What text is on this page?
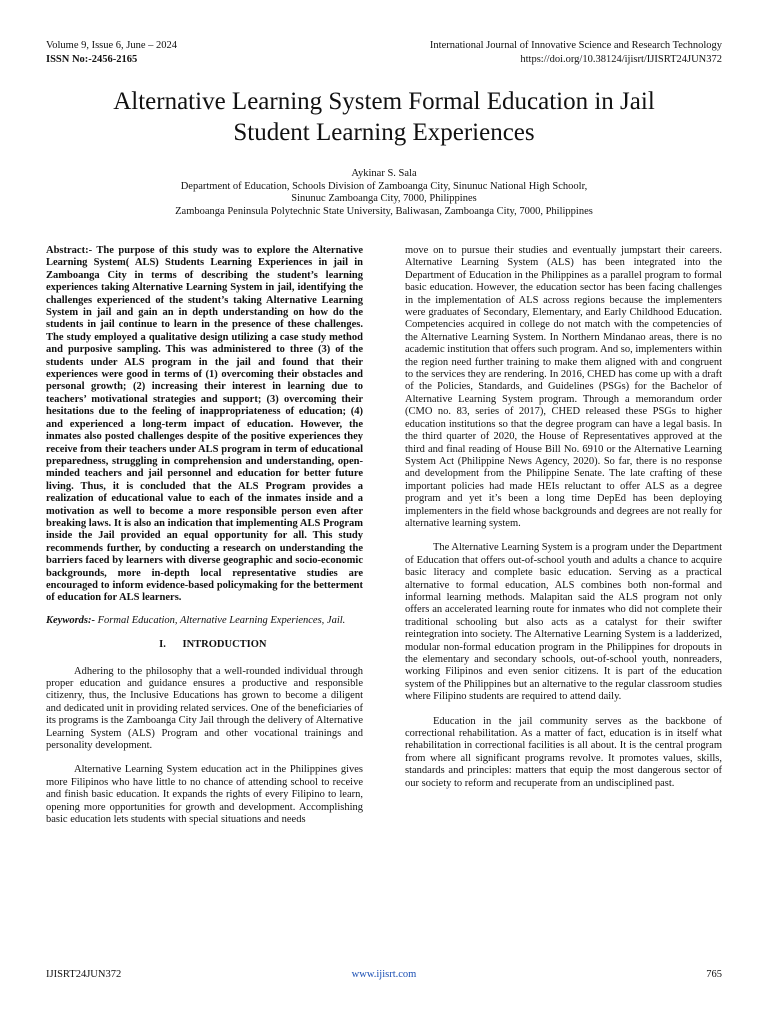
Volume 9, Issue 6, June – 2024
ISSN No:-2456-2165
International Journal of Innovative Science and Research Technology
https://doi.org/10.38124/ijisrt/IJISRT24JUN372
Alternative Learning System Formal Education in Jail
Student Learning Experiences
Aykinar S. Sala
Department of Education, Schools Division of Zamboanga City, Sinunuc National High Schoolr,
Sinunuc Zamboanga City, 7000, Philippines
Zamboanga Peninsula Polytechnic State University, Baliwasan, Zamboanga City, 7000, Philippines

Abstract:- The purpose of this study was to explore the Alternative Learning System( ALS) Students Learning Experiences in jail in Zamboanga City in terms of describing the student’s learning experiences taking Alternative Learning System in jail, identifying the challenges experienced of the student’s taking Alternative Learning System in jail and gain an in depth understanding on how do the students in jail continue to learn in the presence of these challenges. The study employed a qualitative design utilizing a case study method and purposive sampling. This was administered to three (3) of the students under ALS program in the jail and found that their experiences were good in terms of (1) overcoming their obstacles and personal growth; (2) increasing their interest in learning due to teachers’ motivational strategies and support; (3) overcoming their hesitations due to the feeling of inappropriateness of education; (4) and experienced a long-term impact of education. However, the inmates also posted challenges despite of the positive experiences they receive from their teachers under ALS program in term of educational preparedness, struggling in comprehension and understanding, open-minded teachers and jail personnel and education for better future living. Thus, it is concluded that the ALS Program provides a realization of educational value to each of the inmates inside and a motivation as well to become a more responsible person even after breaking laws. It is also an indication that implementing ALS Program inside the Jail provided an equal opportunity for all. This study recommends further, by conducting a research on understanding the barriers faced by learners with diverse geographic and socio-economic backgrounds, more in-depth local representative studies are encouraged to inform evidence-based policymaking for the betterment of education for ALS learners.

Keywords:- Formal Education, Alternative Learning Experiences, Jail.

I. INTRODUCTION

Adhering to the philosophy that a well-rounded individual through proper education and guidance ensures a productive and responsible citizenry, thus, the Inclusive Educations has grown to become a diligent and dedicated unit in providing related services. One of the beneficiaries of its programs is the Zamboanga City Jail through the delivery of Alternative Learning System (ALS) Program and other vocational trainings and personality development.

Alternative Learning System education act in the Philippines gives more Filipinos who have little to no chance of attending school to receive and finish basic education. It expands the rights of every Filipino to learn, opening more opportunities for growth and development. Accomplishing basic education lets students with special situations and needs

move on to pursue their studies and eventually jumpstart their careers. Alternative Learning System (ALS) has been integrated into the Department of Education in the Philippines as a parallel program to formal basic education. However, the education sector has been facing challenges in the implementation of ALS across regions because the implementers were graduates of Secondary, Elementary, and Early Childhood Education. Competencies acquired in college do not match with the competencies of the Alternative Learning System. In Northern Mindanao areas, there is no academic institution that offers such program. And so, implementers within the region need further training to make them aligned with and congruent to the services they are rendering. In 2016, CHED has come up with a draft of the Policies, Standards, and Guidelines (PSGs) for the Bachelor of Alternative Learning System program. Through a memorandum order (CMO no. 83, series of 2017), CHED released these PSGs to higher education institutions so that the degree program can have a legal basis. In the third quarter of 2020, the House of Representatives approved at the third and final reading of House Bill No. 6910 or the Alternative Learning System Act (Philippine News Agency, 2020). So far, there is no response and development from the Philippine Senate. The late crafting of these important policies had made HEIs reluctant to offer ALS as a degree program and yet it’s been a long time DepEd has been deploying implementers in the field whose backgrounds and degrees are not really for alternative learning system.

The Alternative Learning System is a program under the Department of Education that offers out-of-school youth and adults a chance to acquire basic literacy and complete basic education. Serving as a practical alternative to formal education, ALS combines both non-formal and informal learning methods. Malapitan said the ALS program not only offers an accelerated learning route for inmates who did not complete their traditional schooling but also acts as a catalyst for their swifter reintegration into society. The Alternative Learning System is a ladderized, modular non-formal education program in the Philippines for dropouts in the elementary and secondary schools, out-of-school youth, nonreaders, working Filipinos and even senior citizens. It is part of the education system of the Philippines but an alternative to the regular classroom studies where Filipino students are required to attend daily.

Education in the jail community serves as the backbone of correctional rehabilitation. As a matter of fact, education is in itself what rehabilitation in correctional facilities is all about. It is the central program from where all significant programs revolve. It promotes values, skills, standards and principles: matters that equip the most dangerous sector of our society to reform and recuperate from an undisciplined past.

IJISRT24JUN372	www.ijisrt.com	765
